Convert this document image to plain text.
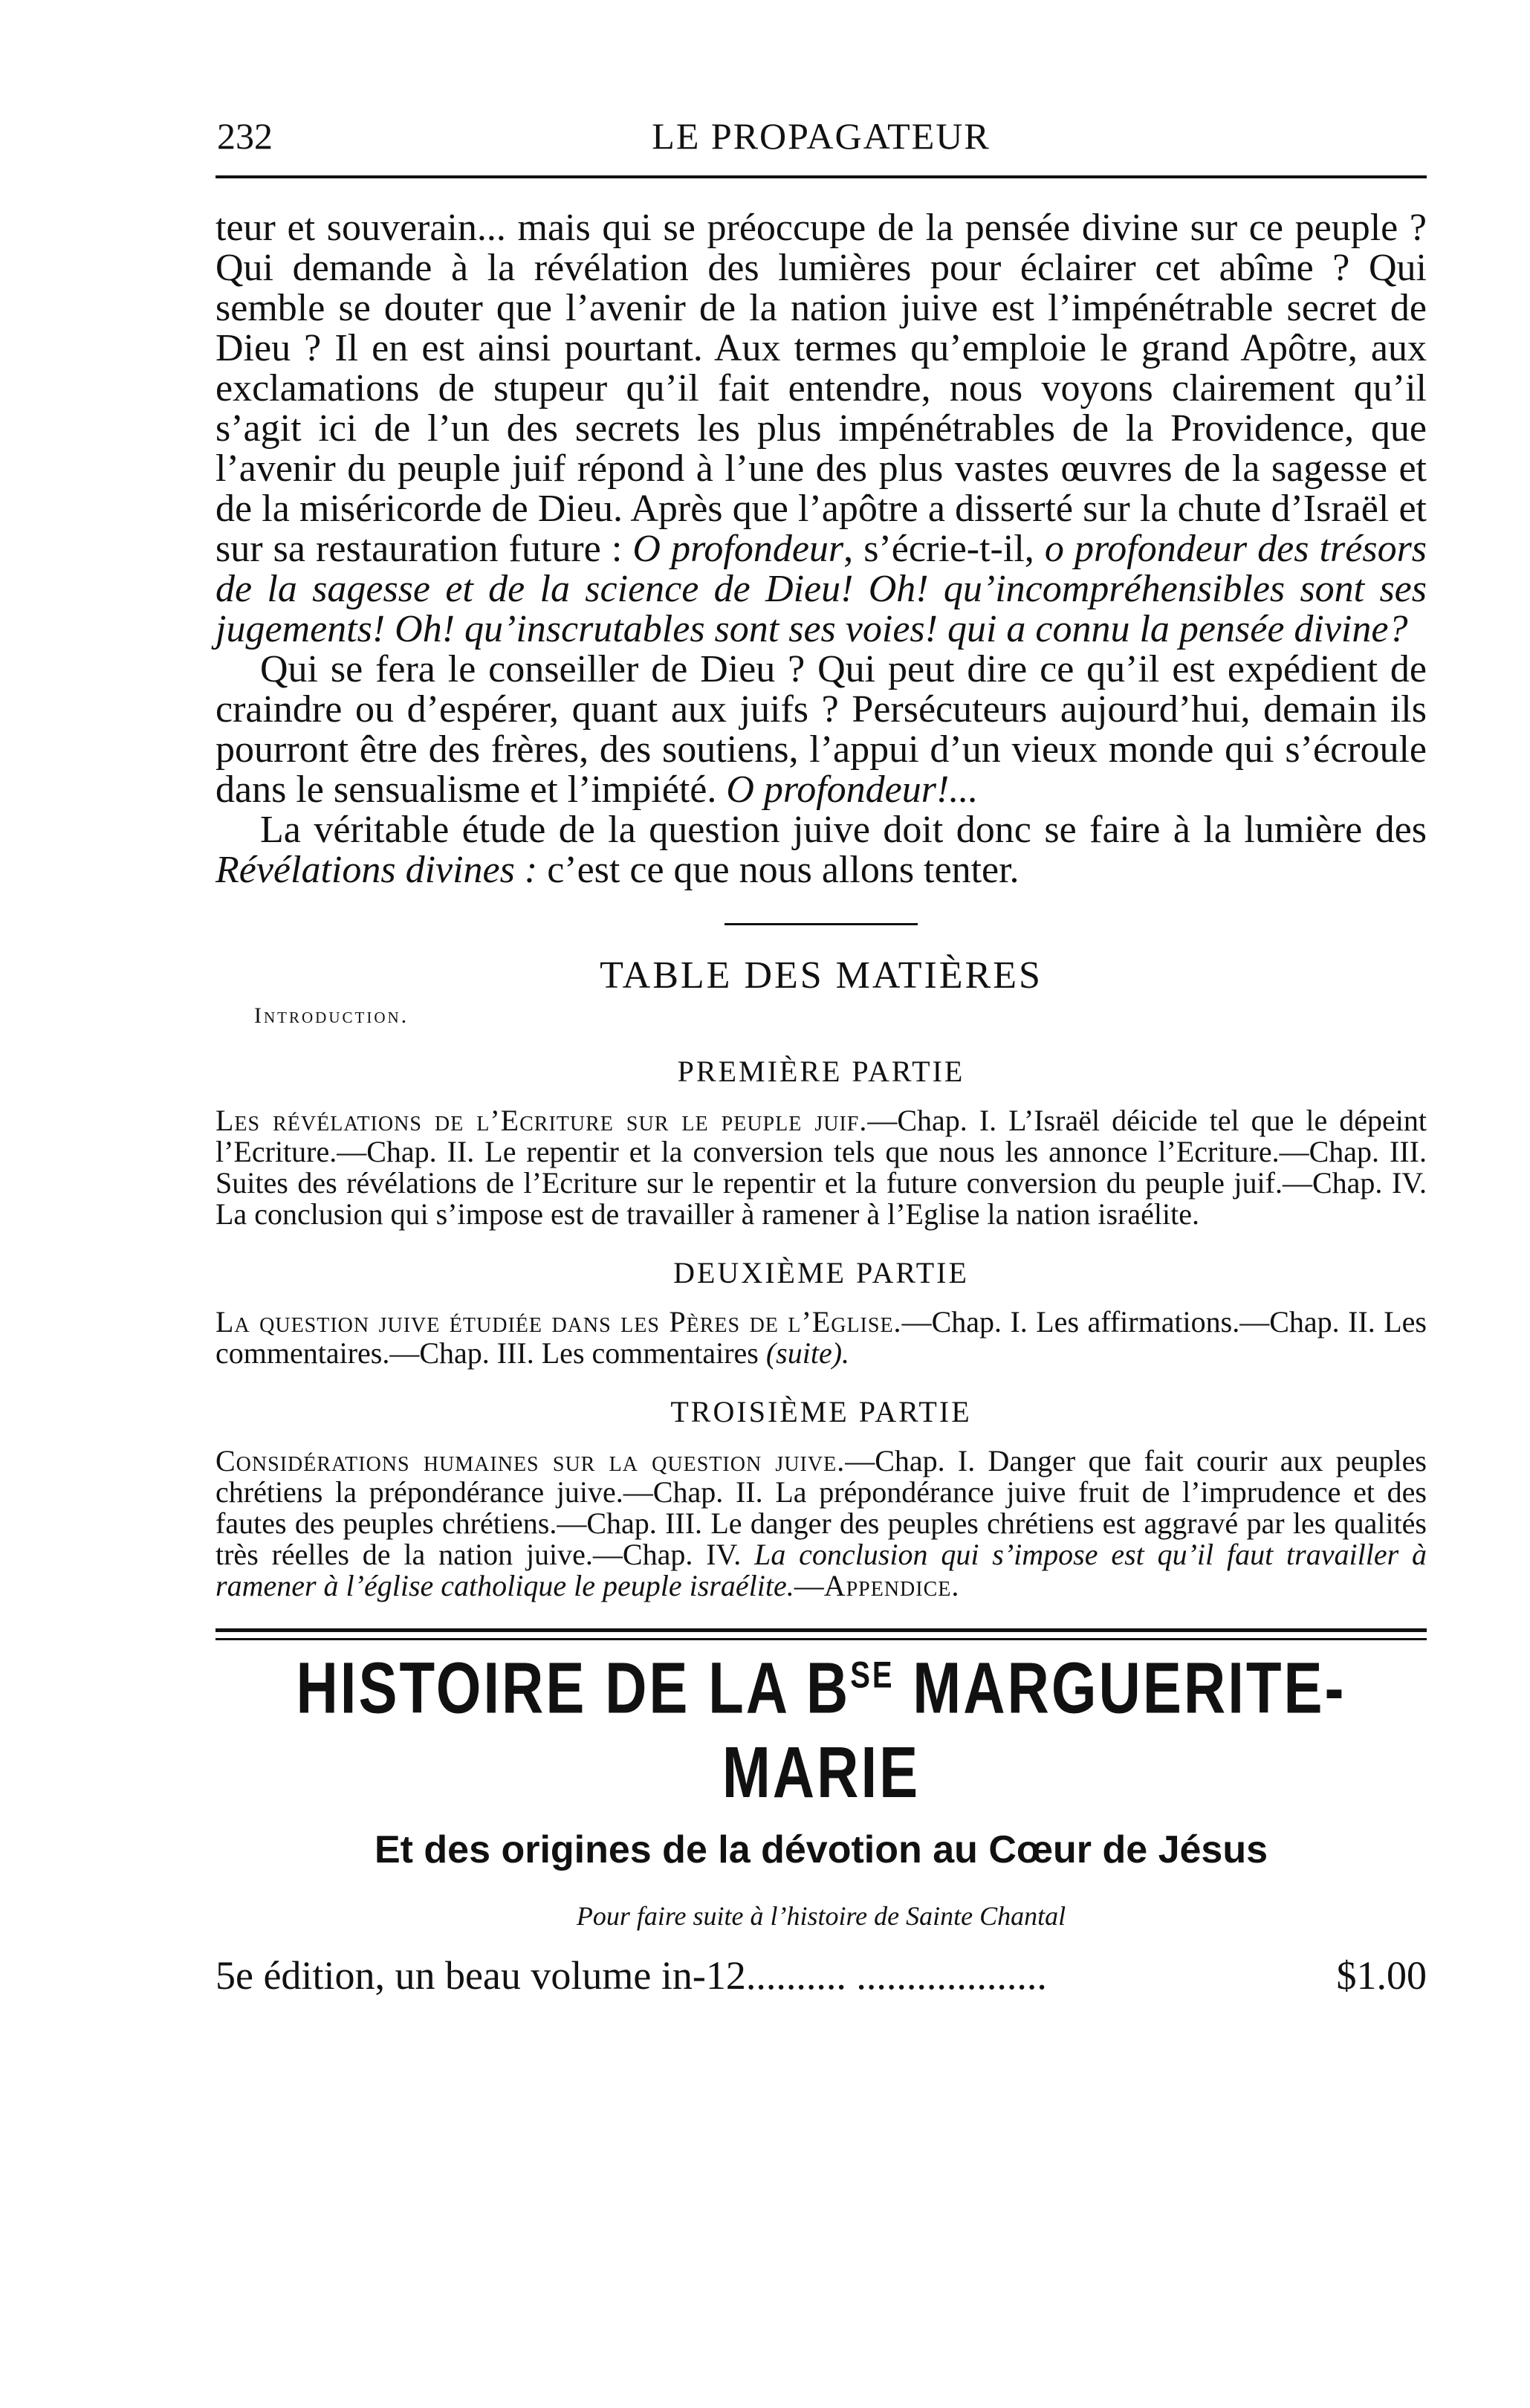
232	LE PROPAGATEUR

teur et souverain... mais qui se préoccupe de la pensée divine sur ce peuple ? Qui demande à la révélation des lumières pour éclairer cet abîme ? Qui semble se douter que l’avenir de la nation juive est l’impénétrable secret de Dieu ? Il en est ainsi pourtant. Aux termes qu’emploie le grand Apôtre, aux exclamations de stupeur qu’il fait entendre, nous voyons clairement qu’il s’agit ici de l’un des secrets les plus impénétrables de la Providence, que l’avenir du peuple juif répond à l’une des plus vastes œuvres de la sagesse et de la miséricorde de Dieu. Après que l’apôtre a disserté sur la chute d’Israël et sur sa restauration future : O profondeur, s’écrie-t-il, o profondeur des trésors de la sagesse et de la science de Dieu! Oh! qu’incompréhensibles sont ses jugements! Oh! qu’inscrutables sont ses voies! qui a connu la pensée divine?

Qui se fera le conseiller de Dieu ? Qui peut dire ce qu’il est expédient de craindre ou d’espérer, quant aux juifs ? Persécuteurs aujourd’hui, demain ils pourront être des frères, des soutiens, l’appui d’un vieux monde qui s’écroule dans le sensualisme et l’impiété. O profondeur!...

La véritable étude de la question juive doit donc se faire à la lumière des Révélations divines : c’est ce que nous allons tenter.

TABLE DES MATIÈRES

Introduction.
PREMIÈRE PARTIE

Les révélations de l’Ecriture sur le peuple juif.—Chap. I. L’Israël déicide tel que le dépeint l’Ecriture.—Chap. II. Le repentir et la conversion tels que nous les annonce l’Ecriture.—Chap. III. Suites des révélations de l’Ecriture sur le repentir et la future conversion du peuple juif.—Chap. IV. La conclusion qui s’impose est de travailler à ramener à l’Eglise la nation israélite.

DEUXIÈME PARTIE

La question juive étudiée dans les Pères de l’Eglise.—Chap. I. Les affirmations.—Chap. II. Les commentaires.—Chap. III. Les commentaires (suite).

TROISIÈME PARTIE

Considérations humaines sur la question juive.—Chap. I. Danger que fait courir aux peuples chrétiens la prépondérance juive.—Chap. II. La prépondérance juive fruit de l’imprudence et des fautes des peuples chrétiens.—Chap. III. Le danger des peuples chrétiens est aggravé par les qualités très réelles de la nation juive.—Chap. IV. La conclusion qui s’impose est qu’il faut travailler à ramener à l’église catholique le peuple israélite.—Appendice.

HISTOIRE DE LA $B^{SE}$ MARGUERITE-MARIE
Et des origines de la dévotion au Cœur de Jésus
Pour faire suite à l’histoire de Sainte Chantal
5e édition, un beau volume in-12.......... ...................	$1.00
